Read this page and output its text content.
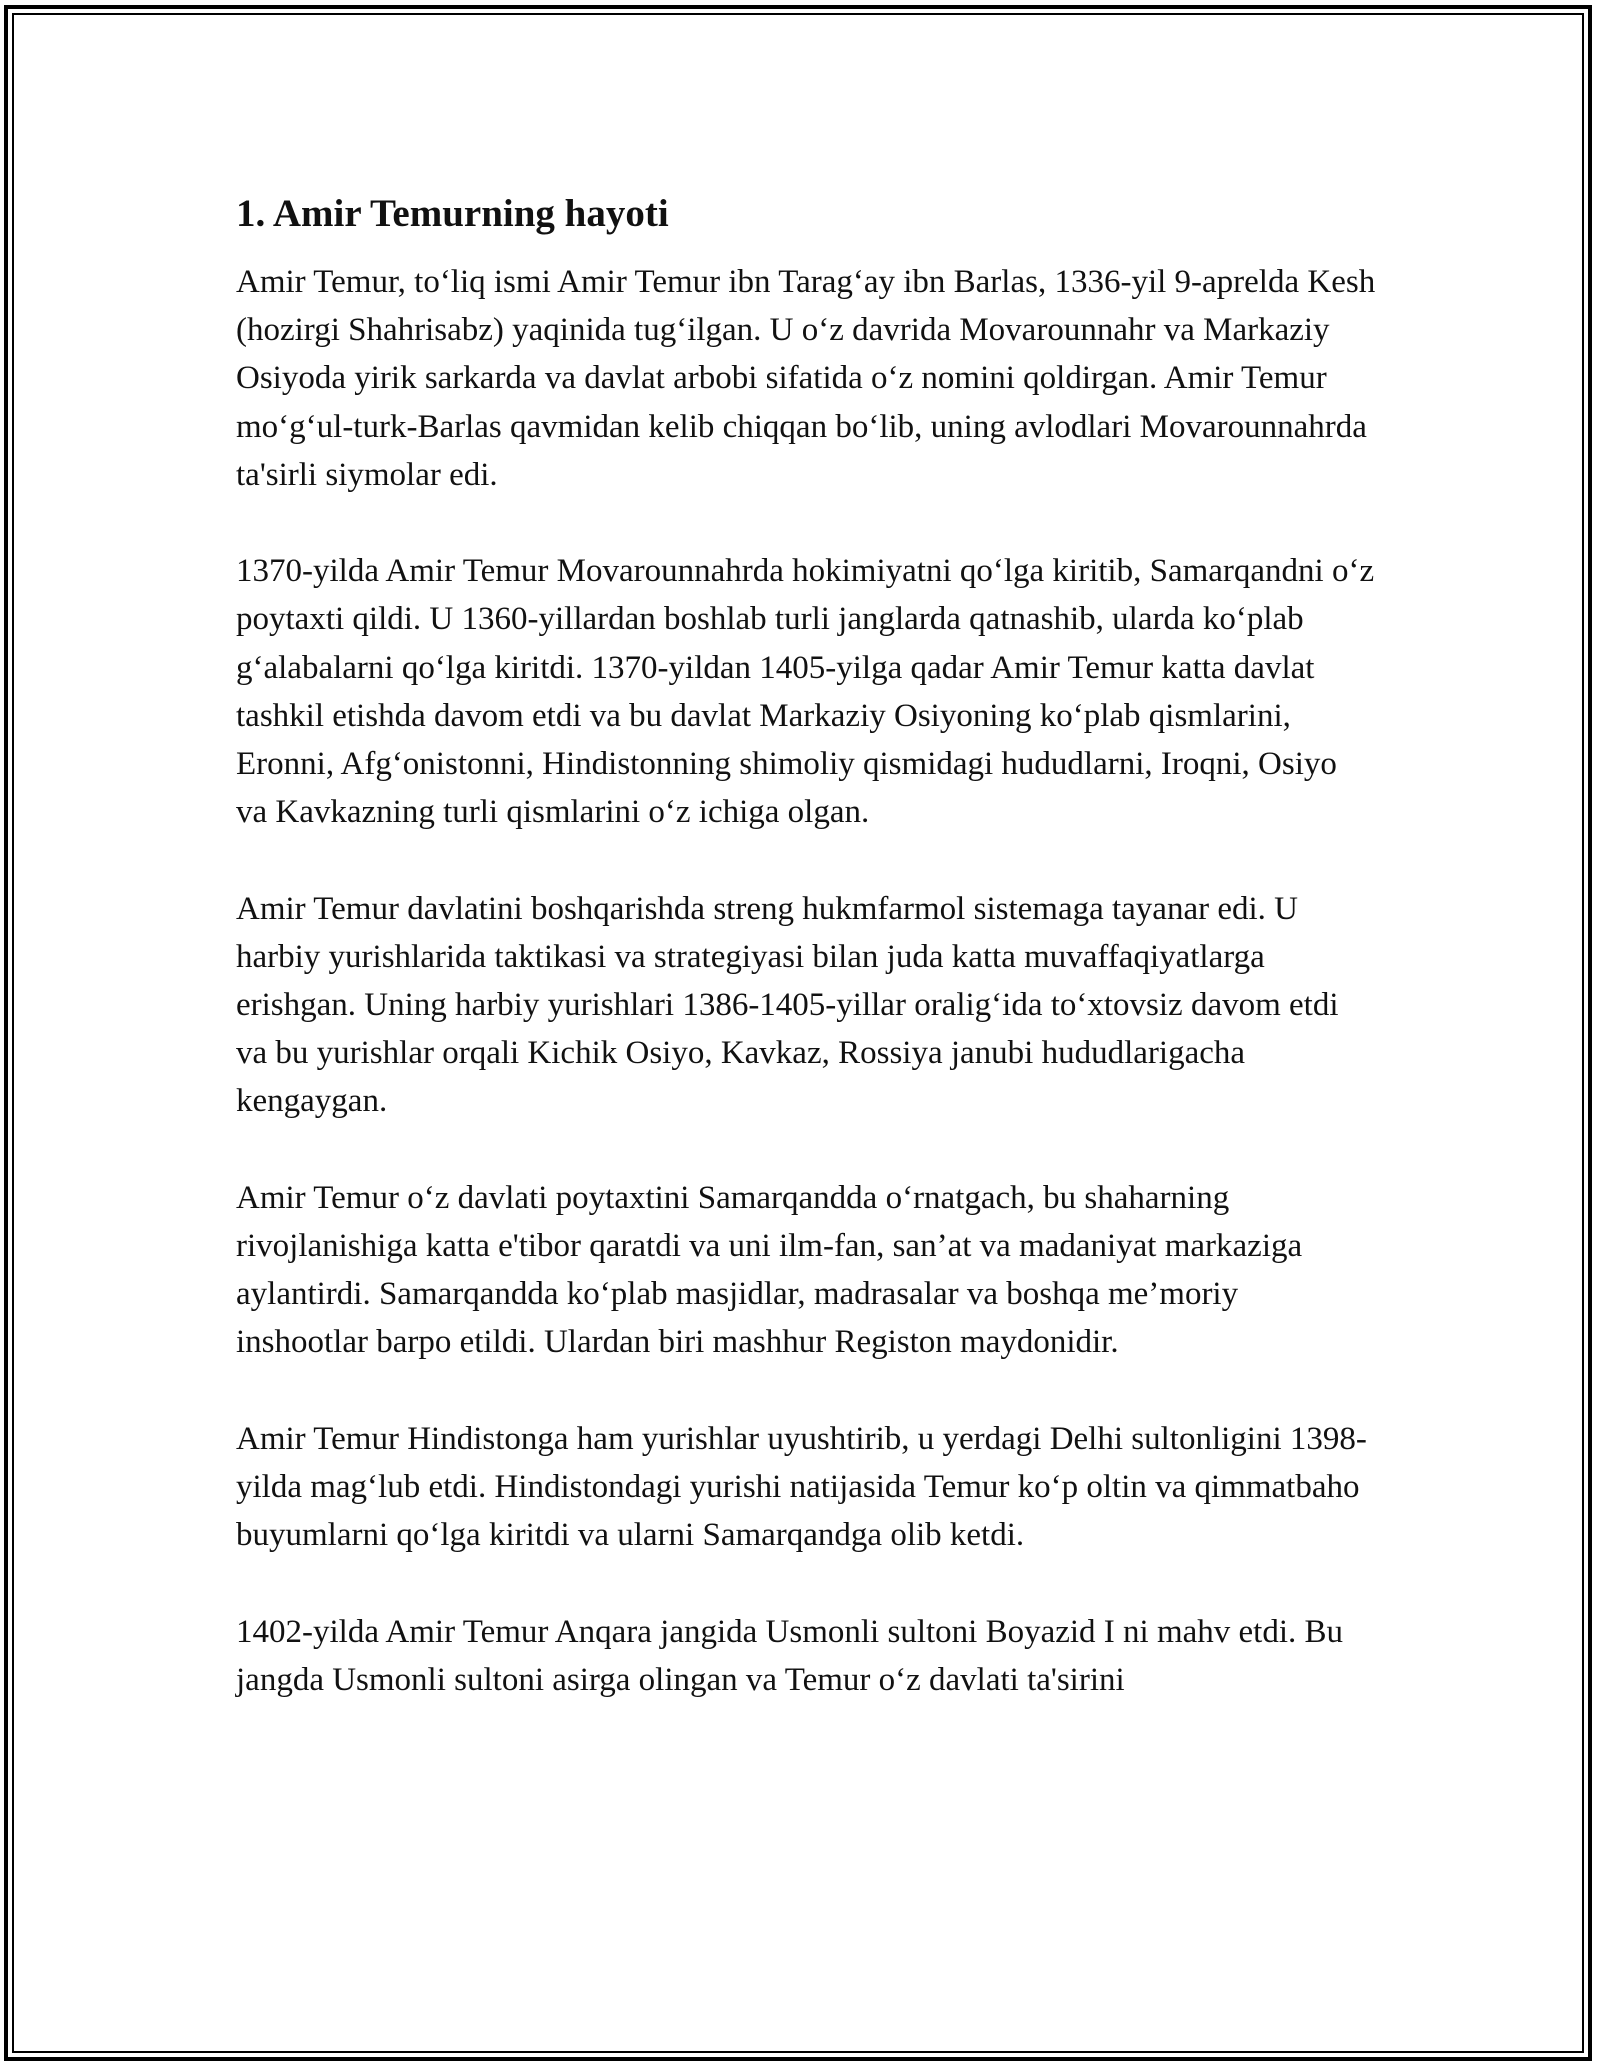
1. Amir Temurning hayoti

Amir Temur, to‘liq ismi Amir Temur ibn Tarag‘ay ibn Barlas, 1336-yil 9-aprelda Kesh (hozirgi Shahrisabz) yaqinida tug‘ilgan. U o‘z davrida Movarounnahr va Markaziy Osiyoda yirik sarkarda va davlat arbobi sifatida o‘z nomini qoldirgan. Amir Temur mo‘g‘ul-turk-Barlas qavmidan kelib chiqqan bo‘lib, uning avlodlari Movarounnahrda ta'sirli siymolar edi.

1370-yilda Amir Temur Movarounnahrda hokimiyatni qo‘lga kiritib, Samarqandni o‘z poytaxti qildi. U 1360-yillardan boshlab turli janglarda qatnashib, ularda ko‘plab g‘alabalarni qo‘lga kiritdi. 1370-yildan 1405-yilga qadar Amir Temur katta davlat tashkil etishda davom etdi va bu davlat Markaziy Osiyoning ko‘plab qismlarini, Eronni, Afg‘onistonni, Hindistonning shimoliy qismidagi hududlarni, Iroqni, Osiyo va Kavkazning turli qismlarini o‘z ichiga olgan.

Amir Temur davlatini boshqarishda streng hukmfarmol sistemaga tayanar edi. U harbiy yurishlarida taktikasi va strategiyasi bilan juda katta muvaffaqiyatlarga erishgan. Uning harbiy yurishlari 1386-1405-yillar oralig‘ida to‘xtovsiz davom etdi va bu yurishlar orqali Kichik Osiyo, Kavkaz, Rossiya janubi hududlarigacha kengaygan.

Amir Temur o‘z davlati poytaxtini Samarqandda o‘rnatgach, bu shaharning rivojlanishiga katta e'tibor qaratdi va uni ilm-fan, san’at va madaniyat markaziga aylantirdi. Samarqandda ko‘plab masjidlar, madrasalar va boshqa me’moriy inshootlar barpo etildi. Ulardan biri mashhur Registon maydonidir.

Amir Temur Hindistonga ham yurishlar uyushtirib, u yerdagi Delhi sultonligini 1398-yilda mag‘lub etdi. Hindistondagi yurishi natijasida Temur ko‘p oltin va qimmatbaho buyumlarni qo‘lga kiritdi va ularni Samarqandga olib ketdi.

1402-yilda Amir Temur Anqara jangida Usmonli sultoni Boyazid I ni mahv etdi. Bu jangda Usmonli sultoni asirga olingan va Temur o‘z davlati ta'sirini
